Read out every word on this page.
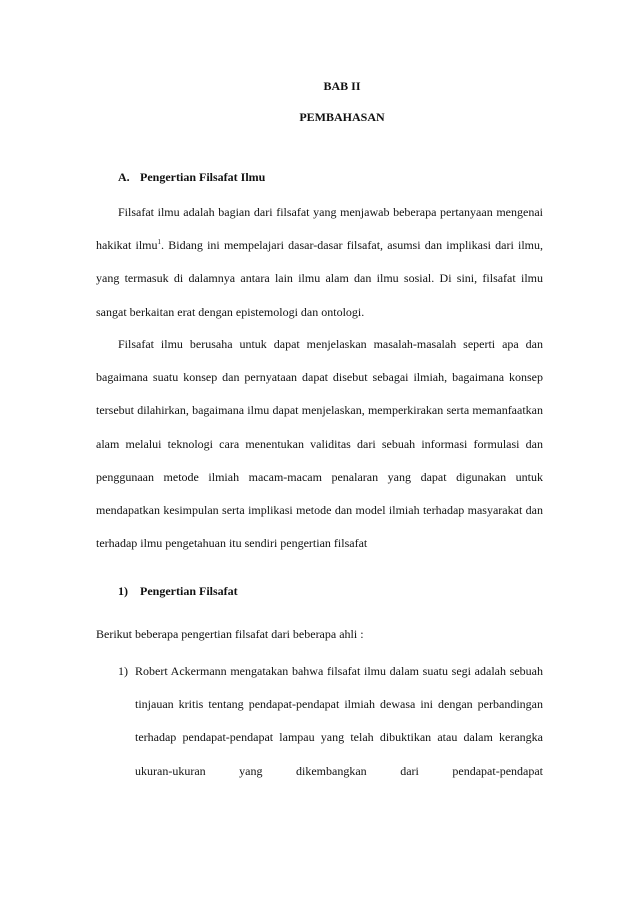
BAB II

PEMBAHASAN

A. Pengertian Filsafat Ilmu

Filsafat ilmu adalah bagian dari filsafat yang menjawab beberapa pertanyaan mengenai hakikat ilmu$^1$. Bidang ini mempelajari dasar-dasar filsafat, asumsi dan implikasi dari ilmu, yang termasuk di dalamnya antara lain ilmu alam dan ilmu sosial. Di sini, filsafat ilmu sangat berkaitan erat dengan epistemologi dan ontologi.

Filsafat ilmu berusaha untuk dapat menjelaskan masalah-masalah seperti apa dan bagaimana suatu konsep dan pernyataan dapat disebut sebagai ilmiah, bagaimana konsep tersebut dilahirkan, bagaimana ilmu dapat menjelaskan, memperkirakan serta memanfaatkan alam melalui teknologi cara menentukan validitas dari sebuah informasi formulasi dan penggunaan metode ilmiah macam-macam penalaran yang dapat digunakan untuk mendapatkan kesimpulan serta implikasi metode dan model ilmiah terhadap masyarakat dan terhadap ilmu pengetahuan itu sendiri pengertian filsafat

1) Pengertian Filsafat

Berikut beberapa pengertian filsafat dari beberapa ahli :

1) Robert Ackermann mengatakan bahwa filsafat ilmu dalam suatu segi adalah sebuah tinjauan kritis tentang pendapat-pendapat ilmiah dewasa ini dengan perbandingan terhadap pendapat-pendapat lampau yang telah dibuktikan atau dalam kerangka ukuran-ukuran yang dikembangkan dari pendapat-pendapat
